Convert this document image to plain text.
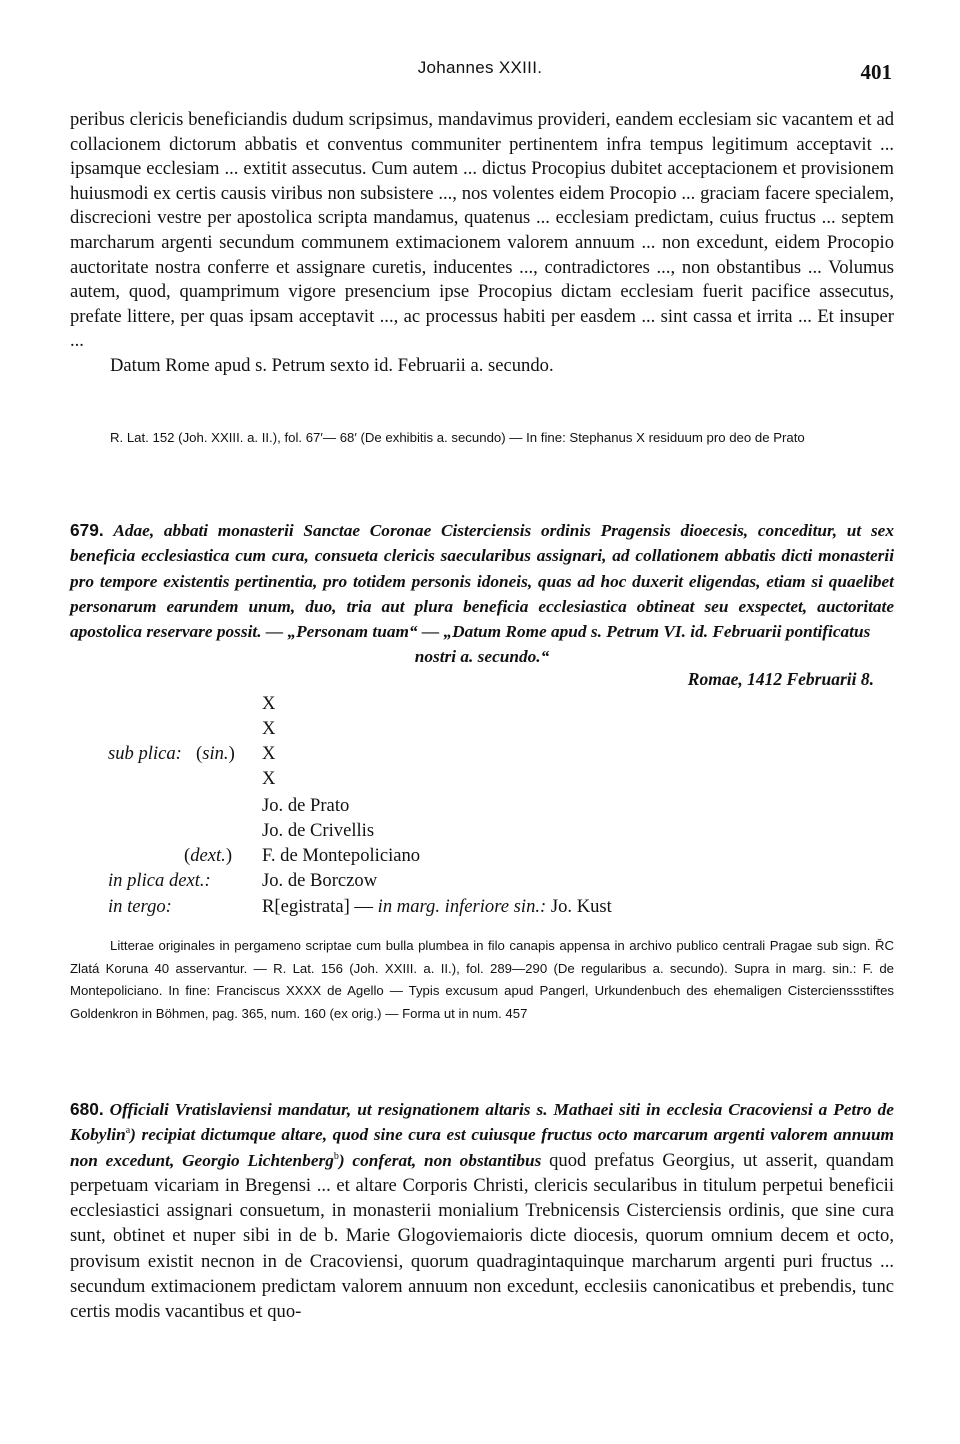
Johannes XXIII.	401

peribus clericis beneficiandis dudum scripsimus, mandavimus provideri, eandem ecclesiam sic vacantem et ad collacionem dictorum abbatis et conventus communiter pertinentem infra tempus legitimum acceptavit ... ipsamque ecclesiam ... extitit assecutus. Cum autem ... dictus Procopius dubitet acceptacionem et provisionem huiusmodi ex certis causis viribus non subsistere ..., nos volentes eidem Procopio ... graciam facere specialem, discrecioni vestre per apostolica scripta mandamus, quatenus ... ecclesiam predictam, cuius fructus ... septem marcharum argenti secundum communem extimacionem valorem annuum ... non excedunt, eidem Procopio auctoritate nostra conferre et assignare curetis, inducentes ..., contradictores ..., non obstantibus ... Volumus autem, quod, quamprimum vigore presencium ipse Procopius dictam ecclesiam fuerit pacifice assecutus, prefate littere, per quas ipsam acceptavit ..., ac processus habiti per easdem ... sint cassa et irrita ... Et insuper ...

Datum Rome apud s. Petrum sexto id. Februarii a. secundo.

R. Lat. 152 (Joh. XXIII. a. II.), fol. 67′— 68′ (De exhibitis a. secundo) — In fine: Stephanus X residuum pro deo de Prato
679. Adae, abbati monasterii Sanctae Coronae Cisterciensis ordinis Pragensis dioecesis, conceditur, ut sex beneficia ecclesiastica cum cura, consueta clericis saecularibus assignari, ad collationem abbatis dicti monasterii pro tempore existentis pertinentia, pro totidem personis idoneis, quas ad hoc duxerit eligendas, etiam si quaelibet personarum earundem unum, duo, tria aut plura beneficia ecclesiastica obtineat seu exspectet, auctoritate apostolica reservare possit. — „Personam tuam“ — „Datum Rome apud s. Petrum VI. id. Februarii pontificatus
nostri a. secundo.“
Romae, 1412 Februarii 8.
X
X
sub plica: (sin.) X
X
Jo. de Prato
Jo. de Crivellis
(dext.) F. de Montepoliciano
in plica dext.:	Jo. de Borczow
in tergo:	R[egistrata] — in marg. inferiore sin.: Jo. Kust
Litterae originales in pergameno scriptae cum bulla plumbea in filo canapis appensa in archivo publico centrali Pragae sub sign. ŘC Zlatá Koruna 40 asservantur. — R. Lat. 156 (Joh. XXIII. a. II.), fol. 289—290 (De regularibus a. secundo). Supra in marg. sin.: F. de Montepoliciano. In fine: Franciscus XXXX de Agello — Typis excusum apud Pangerl, Urkundenbuch des ehemaligen Cistercienssstiftes Goldenkron in Böhmen, pag. 365, num. 160 (ex orig.) — Forma ut in num. 457
680. Officiali Vratislaviensi mandatur, ut resignationem altaris s. Mathaei siti in ecclesia Cracoviensi a Petro de Kobylin$^a$) recipiat dictumque altare, quod sine cura est cuiusque fructus octo marcarum argenti valorem annuum non excedunt, Georgio Lichtenberg$^b$) conferat, non obstantibus quod prefatus Georgius, ut asserit, quandam perpetuam vicariam in Bregensi ... et altare Corporis Christi, clericis secularibus in titulum perpetui beneficii ecclesiastici assignari consuetum, in monasterii monialium Trebnicensis Cisterciensis ordinis, que sine cura sunt, obtinet et nuper sibi in de b. Marie Glogoviemaioris dicte diocesis, quorum omnium decem et octo, provisum existit necnon in de Cracoviensi, quorum quadragintaquinque marcharum argenti puri fructus ... secundum extimacionem predictam valorem annuum non excedunt, ecclesiis canonicatibus et prebendis, tunc certis modis vacantibus et quo-
